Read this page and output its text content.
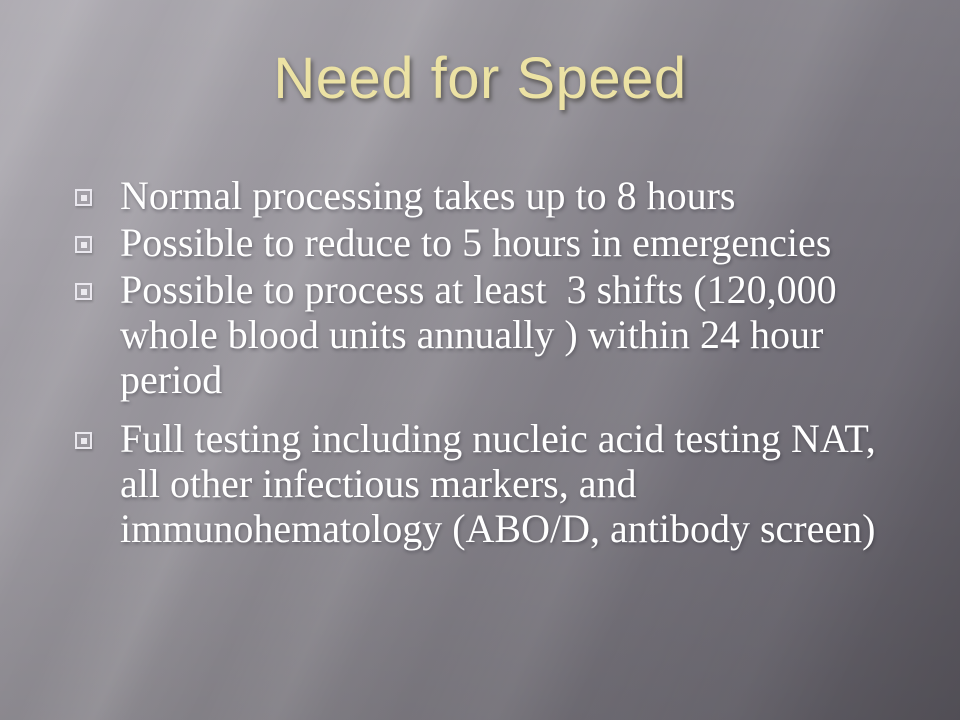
Need for Speed
Normal processing takes up to 8 hours
Possible to reduce to 5 hours in emergencies
Possible to process at least  3 shifts (120,000 whole blood units annually ) within 24 hour period
Full testing including nucleic acid testing NAT, all other infectious markers, and immunohematology (ABO/D, antibody screen)
